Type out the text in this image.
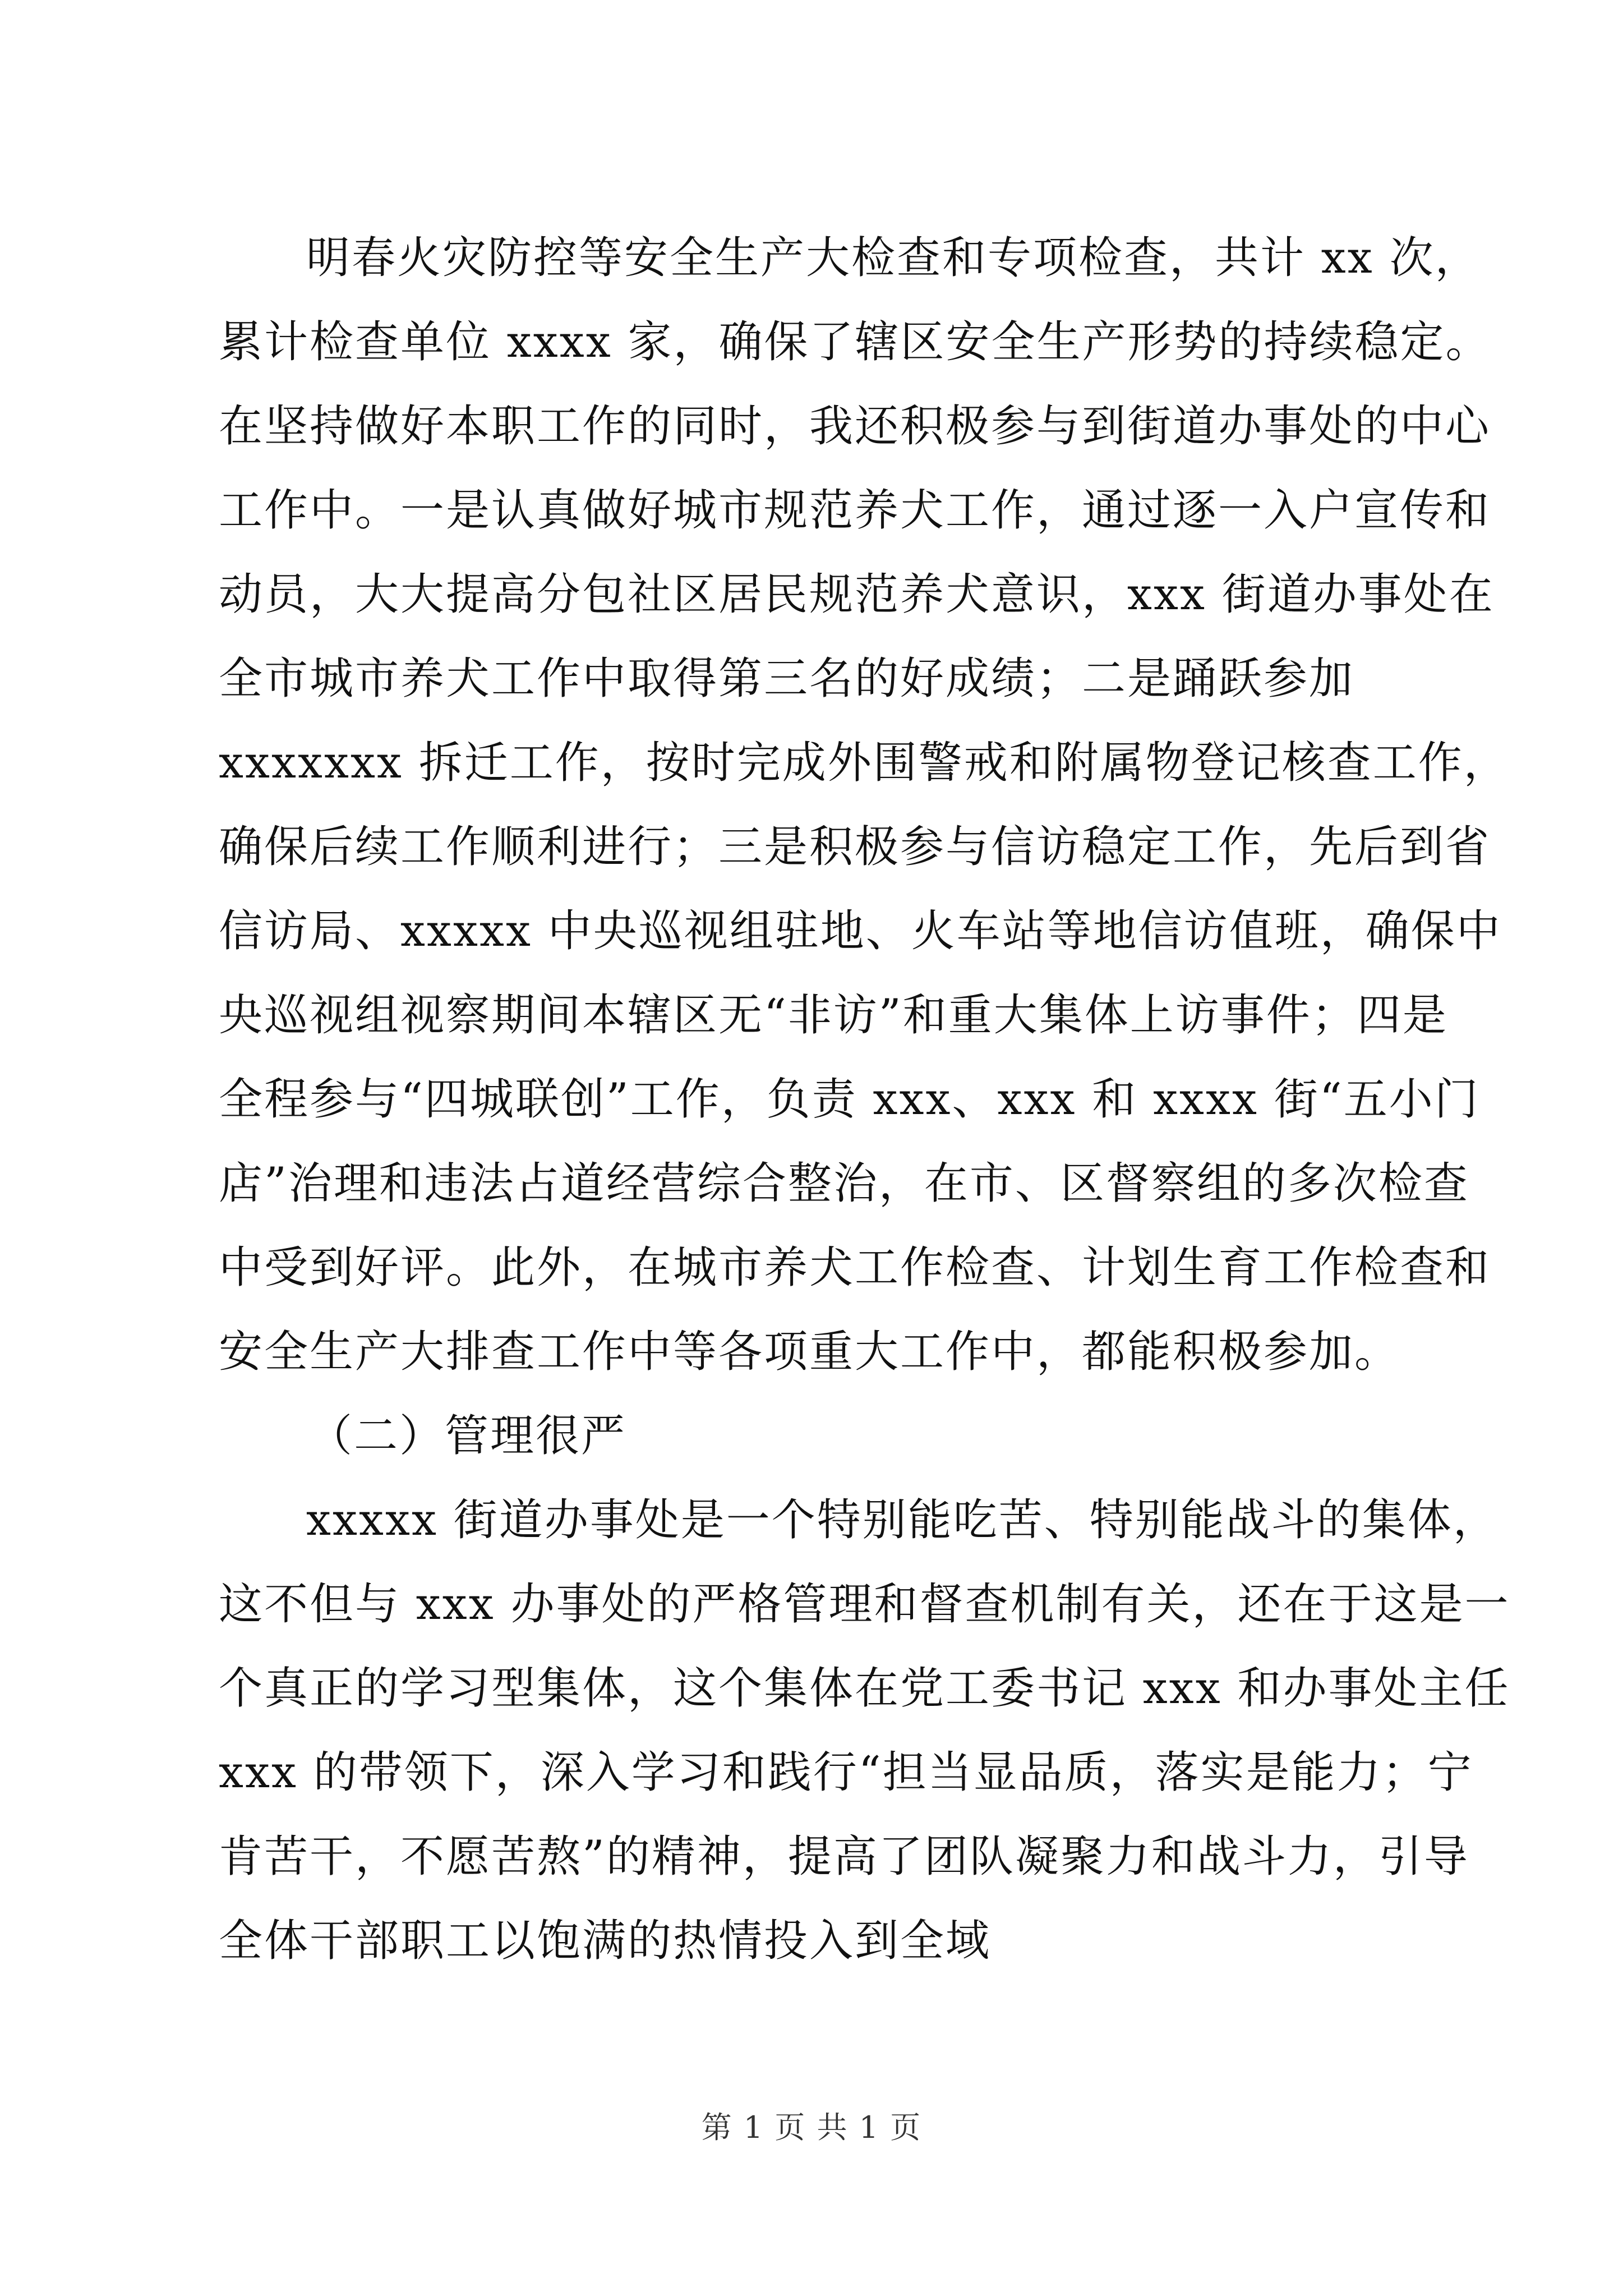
明春火灾防控等安全生产大检查和专项检查，共计 xx 次，
累计检查单位 xxxx 家，确保了辖区安全生产形势的持续稳定。
在坚持做好本职工作的同时，我还积极参与到街道办事处的中心
工作中。一是认真做好城市规范养犬工作，通过逐一入户宣传和
动员，大大提高分包社区居民规范养犬意识，xxx 街道办事处在
全市城市养犬工作中取得第三名的好成绩；二是踊跃参加
xxxxxxx 拆迁工作，按时完成外围警戒和附属物登记核查工作，
确保后续工作顺利进行；三是积极参与信访稳定工作，先后到省
信访局、xxxxx 中央巡视组驻地、火车站等地信访值班，确保中
央巡视组视察期间本辖区无“非访”和重大集体上访事件；四是
全程参与“四城联创”工作，负责 xxx、xxx 和 xxxx 街“五小门
店”治理和违法占道经营综合整治，在市、区督察组的多次检查
中受到好评。此外，在城市养犬工作检查、计划生育工作检查和
安全生产大排查工作中等各项重大工作中，都能积极参加。
（二）管理很严
xxxxx 街道办事处是一个特别能吃苦、特别能战斗的集体，
这不但与 xxx 办事处的严格管理和督查机制有关，还在于这是一
个真正的学习型集体，这个集体在党工委书记 xxx 和办事处主任
xxx 的带领下，深入学习和践行“担当显品质，落实是能力；宁
肯苦干，不愿苦熬”的精神，提高了团队凝聚力和战斗力，引导
全体干部职工以饱满的热情投入到全域
第 1 页 共 1 页
